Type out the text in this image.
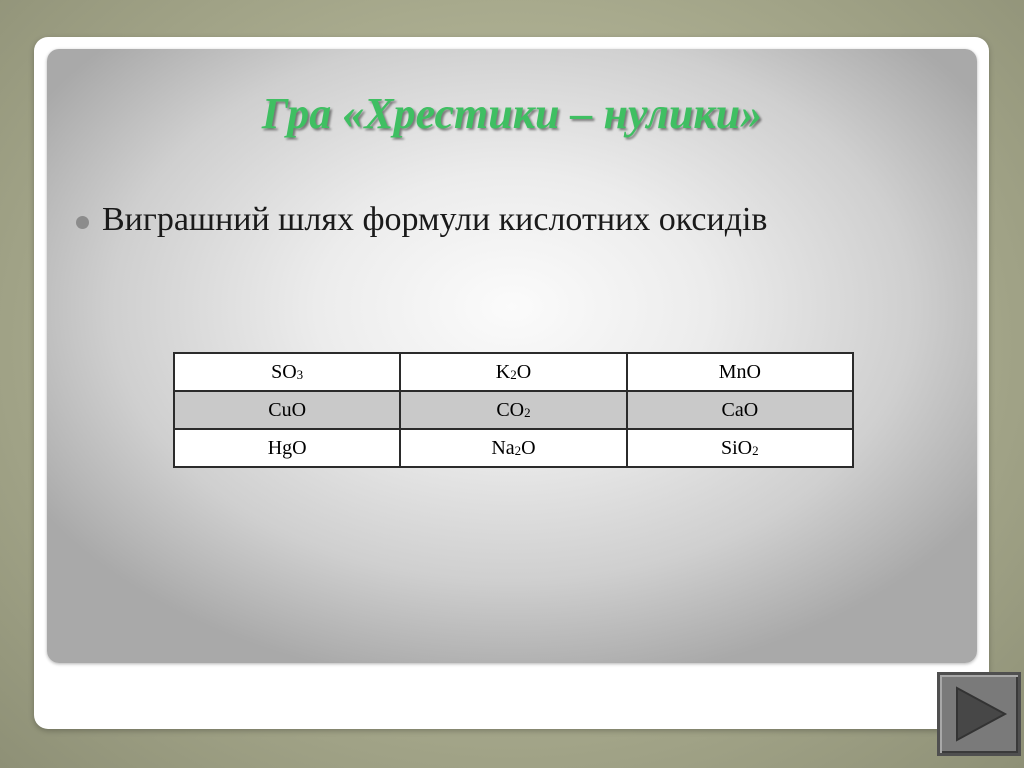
Гра «Хрестики – нулики»
Виграшний шлях формули кислотних оксидів
$SO_3$	$K_2O$	MnO
CuO	$CO_2$	CaO
HgO	$Na_2O$	SiO$_2$
